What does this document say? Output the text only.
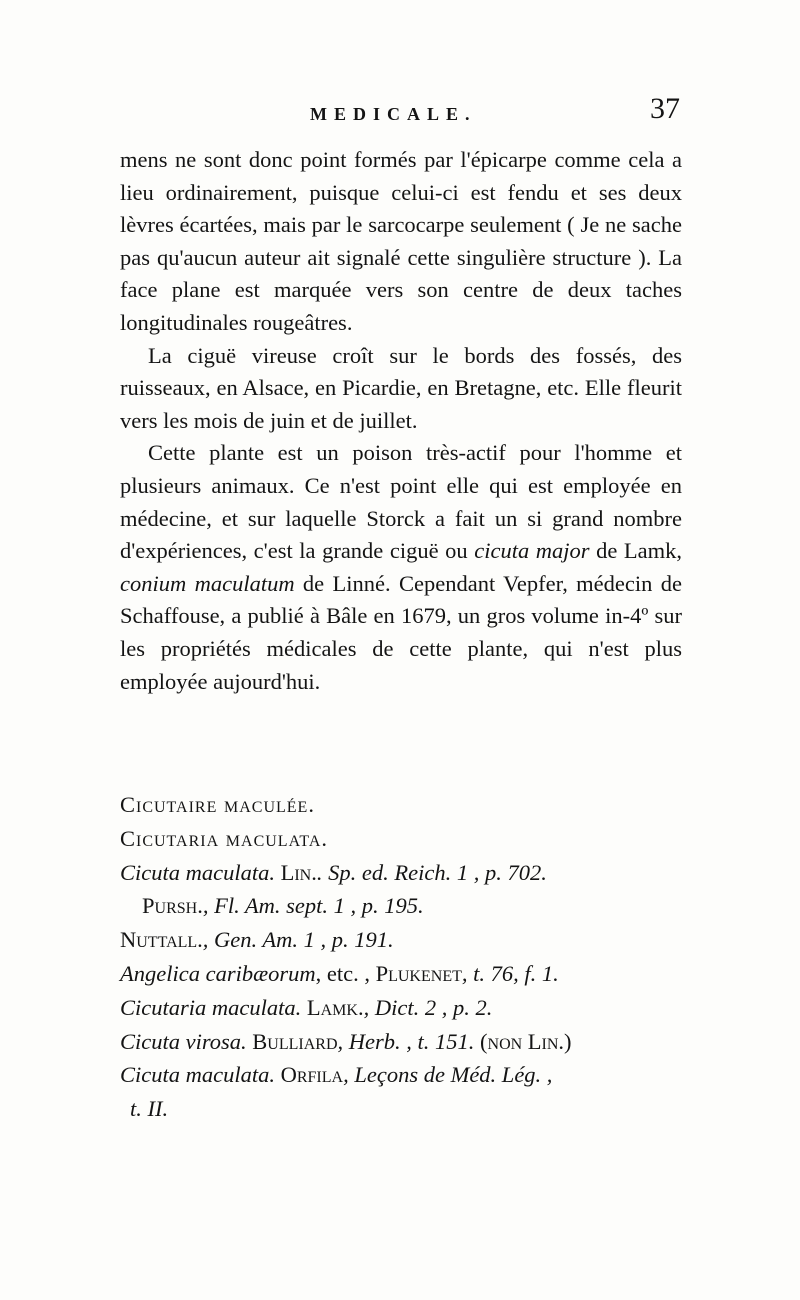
MEDICALE.	37

mens ne sont donc point formés par l'épicarpe comme cela a lieu ordinairement, puisque celui-ci est fendu et ses deux lèvres écartées, mais par le sarcocarpe seulement ( Je ne sache pas qu'aucun auteur ait signalé cette singulière structure ). La face plane est marquée vers son centre de deux taches longitudinales rougeâtres.

La ciguë vireuse croît sur le bords des fossés, des ruisseaux, en Alsace, en Picardie, en Bretagne, etc. Elle fleurit vers les mois de juin et de juillet.

Cette plante est un poison très-actif pour l'homme et plusieurs animaux. Ce n'est point elle qui est employée en médecine, et sur laquelle Storck a fait un si grand nombre d'expériences, c'est la grande ciguë ou cicuta major de Lamk, conium maculatum de Linné. Cependant Vepfer, médecin de Schaffouse, a publié à Bâle en 1679, un gros volume in-4º sur les propriétés médicales de cette plante, qui n'est plus employée aujourd'hui.

Cicutaire maculée.
Cicutaria maculata.
Cicuta maculata. Lin.. Sp. ed. Reich. 1 , p. 702.
Pursh., Fl. Am. sept. 1 , p. 195.
Nuttall., Gen. Am. 1 , p. 191.
Angelica caribæorum, etc. , Plukenet, t. 76, f. 1.
Cicutaria maculata. Lamk., Dict. 2 , p. 2.
Cicuta virosa. Bulliard, Herb. , t. 151. (non Lin.)
Cicuta maculata. Orfila, Leçons de Méd. Lég. ,
t. II.
